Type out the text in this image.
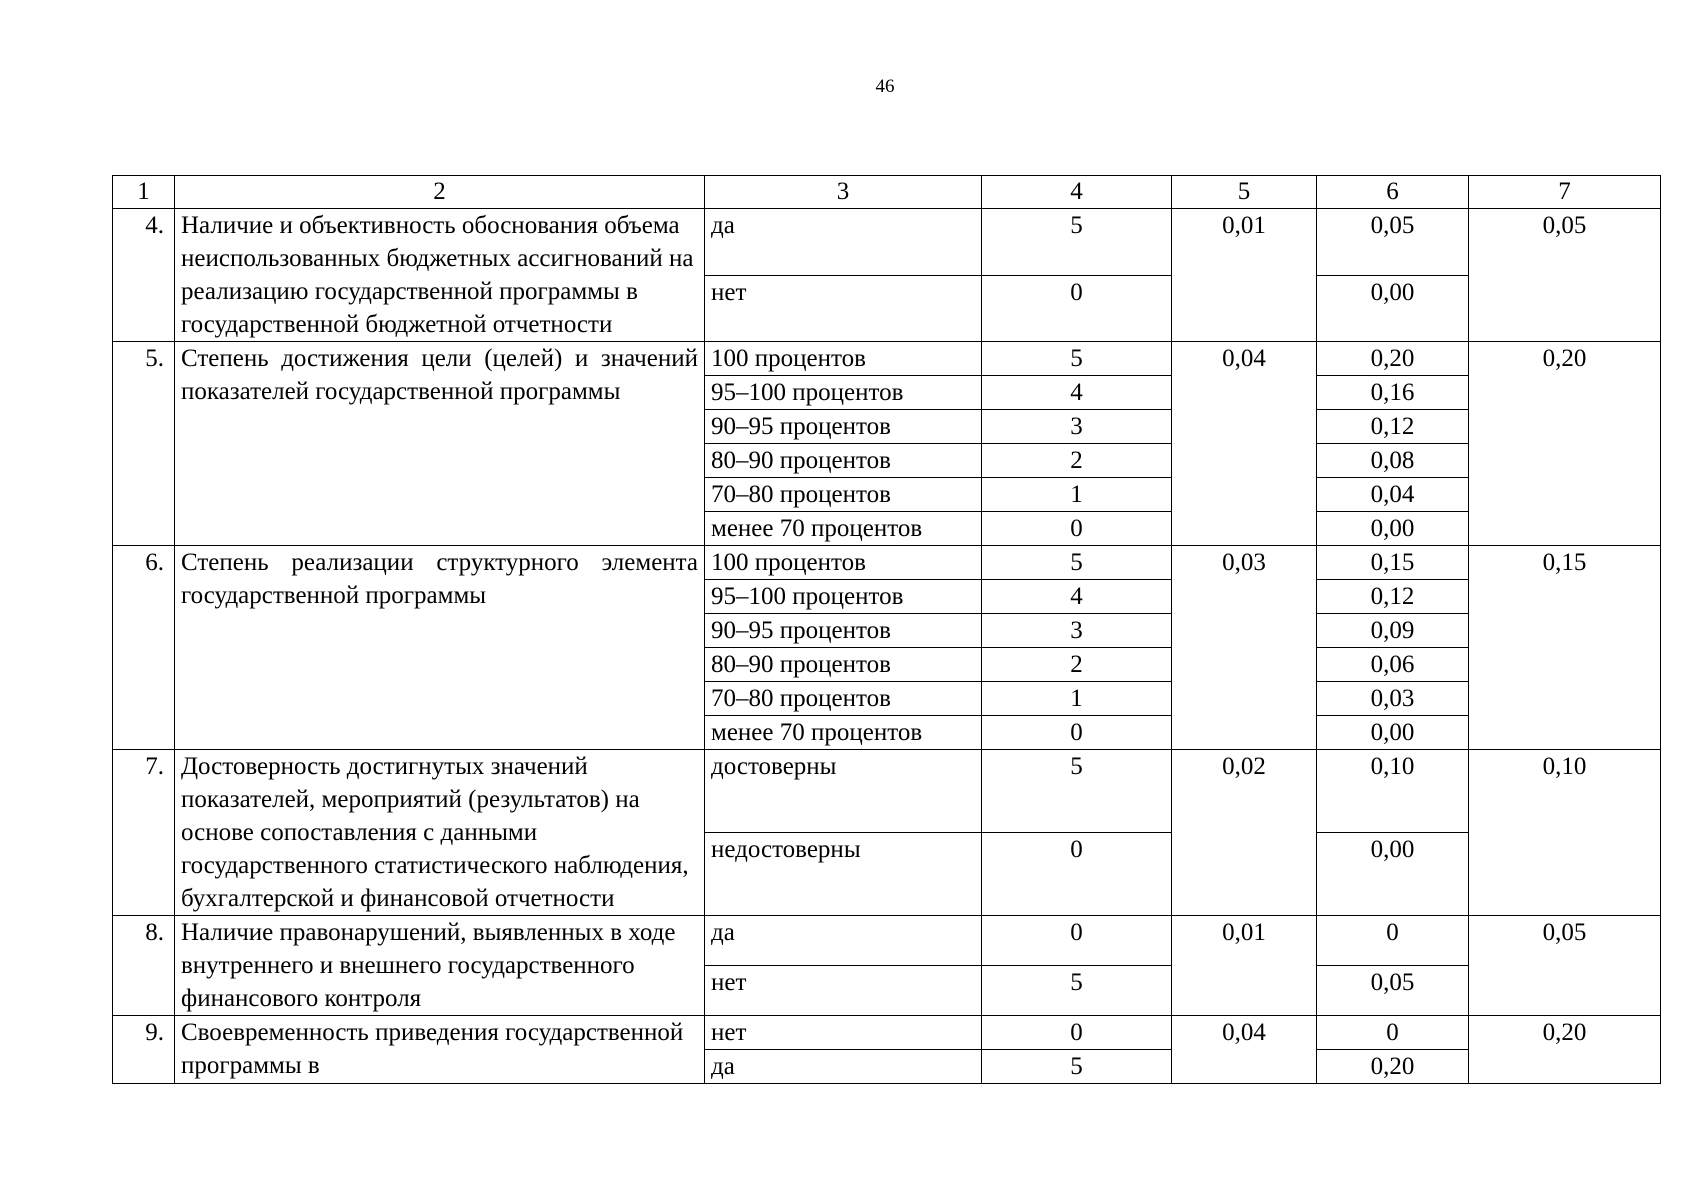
46
1	2	3	4	5	6	7
4.	Наличие и объективность обоснования объема неиспользованных бюджетных ассигнований на реализацию государственной программы в государственной бюджетной отчетности	да	5	0,01	0,05	0,05
		нет	0		0,00	
5.	Степень достижения цели (целей) и значений показателей государственной программы	100 процентов	5	0,04	0,20	0,20
		95–100 процентов	4		0,16	
		90–95 процентов	3		0,12	
		80–90 процентов	2		0,08	
		70–80 процентов	1		0,04	
		менее 70 процентов	0		0,00	
6.	Степень реализации структурного элемента государственной программы	100 процентов	5	0,03	0,15	0,15
		95–100 процентов	4		0,12	
		90–95 процентов	3		0,09	
		80–90 процентов	2		0,06	
		70–80 процентов	1		0,03	
		менее 70 процентов	0		0,00	
7.	Достоверность достигнутых значений показателей, мероприятий (результатов) на основе сопоставления с данными государственного статистического наблюдения, бухгалтерской и финансовой отчетности	достоверны	5	0,02	0,10	0,10
		недостоверны	0		0,00	
8.	Наличие правонарушений, выявленных в ходе внутреннего и внешнего государственного финансового контроля	да	0	0,01	0	0,05
		нет	5		0,05	
9.	Своевременность приведения государственной программы в	нет	0	0,04	0	0,20
		да	5		0,20	
